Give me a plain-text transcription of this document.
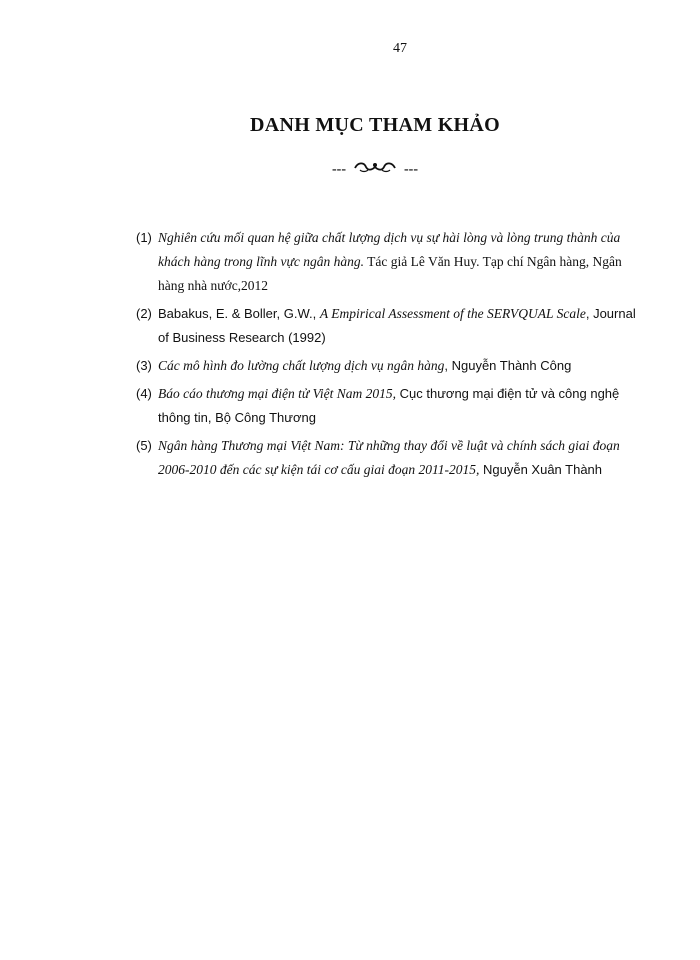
47
DANH MỤC THAM KHẢO
---	---
(1) Nghiên cứu mối quan hệ giữa chất lượng dịch vụ sự hài lòng và lòng trung thành của khách hàng trong lĩnh vực ngân hàng. Tác giả Lê Văn Huy. Tạp chí Ngân hàng, Ngân hàng nhà nước,2012
(2) Babakus, E. & Boller, G.W., A Empirical Assessment of the SERVQUAL Scale, Journal of Business Research (1992)
(3) Các mô hình đo lường chất lượng dịch vụ ngân hàng, Nguyễn Thành Công
(4) Báo cáo thương mại điện tử Việt Nam 2015, Cục thương mại điện tử và công nghệ thông tin, Bộ Công Thương
(5) Ngân hàng Thương mại Việt Nam: Từ những thay đổi về luật và chính sách giai đoạn 2006-2010 đến các sự kiện tái cơ cấu giai đoạn 2011-2015, Nguyễn Xuân Thành
